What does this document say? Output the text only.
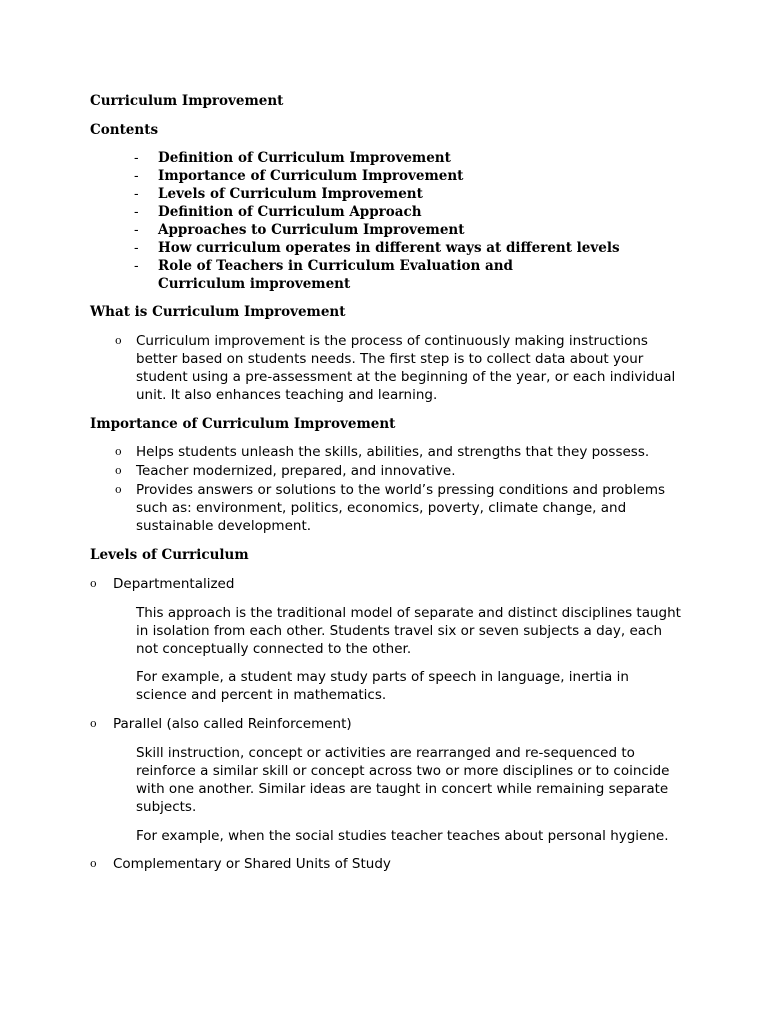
Curriculum Improvement
Contents
-	Definition of Curriculum Improvement
-	Importance of Curriculum Improvement
-	Levels of Curriculum Improvement
-	Definition of Curriculum Approach
-	Approaches to Curriculum Improvement
-	How curriculum operates in different ways at different levels
-	Role of Teachers in Curriculum Evaluation and Curriculum improvement
What is Curriculum Improvement
o Curriculum improvement is the process of continuously making instructions better based on students needs. The first step is to collect data about your student using a pre-assessment at the beginning of the year, or each individual unit. It also enhances teaching and learning.
Importance of Curriculum Improvement
o Helps students unleash the skills, abilities, and strengths that they possess.
o Teacher modernized, prepared, and innovative.
o Provides answers or solutions to the world’s pressing conditions and problems such as: environment, politics, economics, poverty, climate change, and sustainable development.
Levels of Curriculum
o Departmentalized
This approach is the traditional model of separate and distinct disciplines taught in isolation from each other. Students travel six or seven subjects a day, each not conceptually connected to the other.
For example, a student may study parts of speech in language, inertia in science and percent in mathematics.
o Parallel (also called Reinforcement)
Skill instruction, concept or activities are rearranged and re-sequenced to reinforce a similar skill or concept across two or more disciplines or to coincide with one another. Similar ideas are taught in concert while remaining separate subjects.
For example, when the social studies teacher teaches about personal hygiene.
o Complementary or Shared Units of Study
